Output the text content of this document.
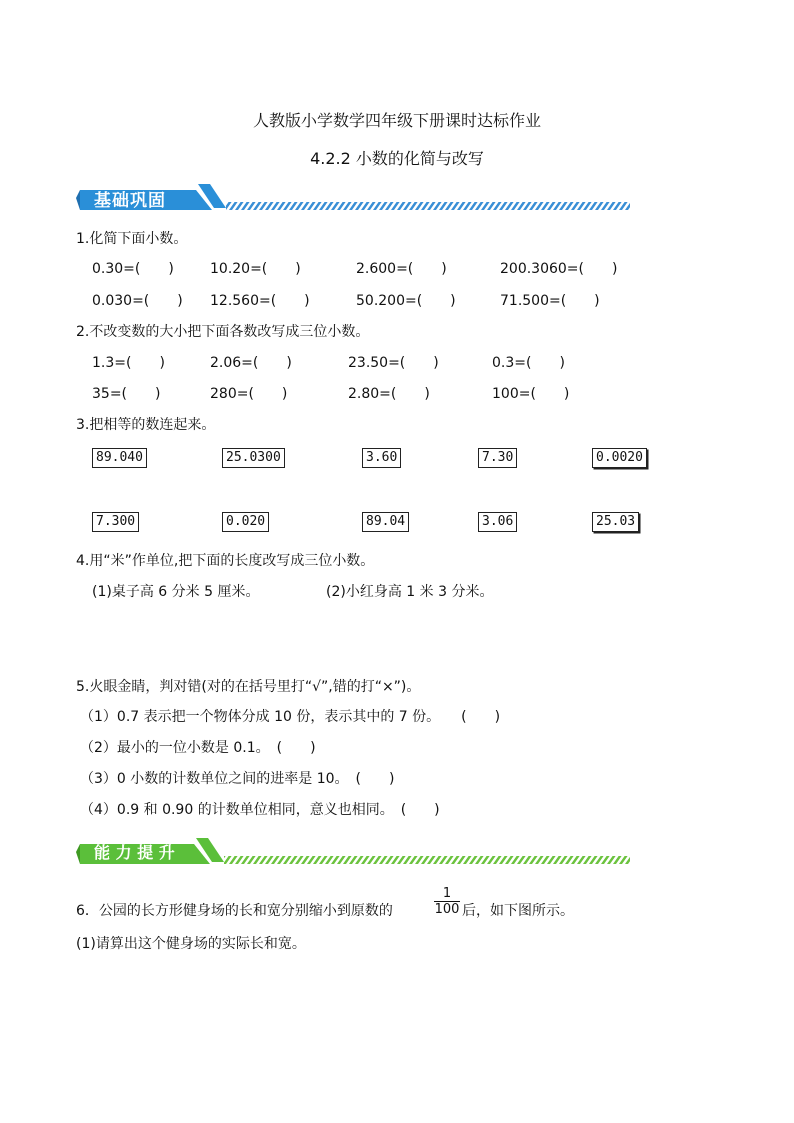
人教版小学数学四年级下册课时达标作业
4.2.2 小数的化简与改写
基础巩固
1.化简下面小数。
0.30=(　　)	10.20=(　　)	2.600=(　　)	200.3060=(　　)
0.030=(　　) 12.560=(　　)	50.200=(　　)	71.500=(　　)
2.不改变数的大小把下面各数改写成三位小数。
1.3=(　　)	2.06=(　　)	23.50=(　　)	0.3=(　　)
35=(　　)	280=(　　)	2.80=(　　)	100=(　　)
3.把相等的数连起来。
89.040	25.0300	3.60	7.30	0.0020
7.300	0.020	89.04	3.06	25.03
4.用“米”作单位,把下面的长度改写成三位小数。
(1)桌子高 6 分米 5 厘米。	(2)小红身高 1 米 3 分米。
5.火眼金睛，判对错(对的在括号里打“√”,错的打“×”)。
（1）0.7 表示把一个物体分成 10 份，表示其中的 7 份。　　(　　)
（2）最小的一位小数是 0.1。　(　　)
（3）0 小数的计数单位之间的进率是 10。　(　　)
（4）0.9 和 0.90 的计数单位相同，意义也相同。　(　　)
能 力 提 升
6．公园的长方形健身场的长和宽分别缩小到原数的
1
100 后，如下图所示。
(1)请算出这个健身场的实际长和宽。
